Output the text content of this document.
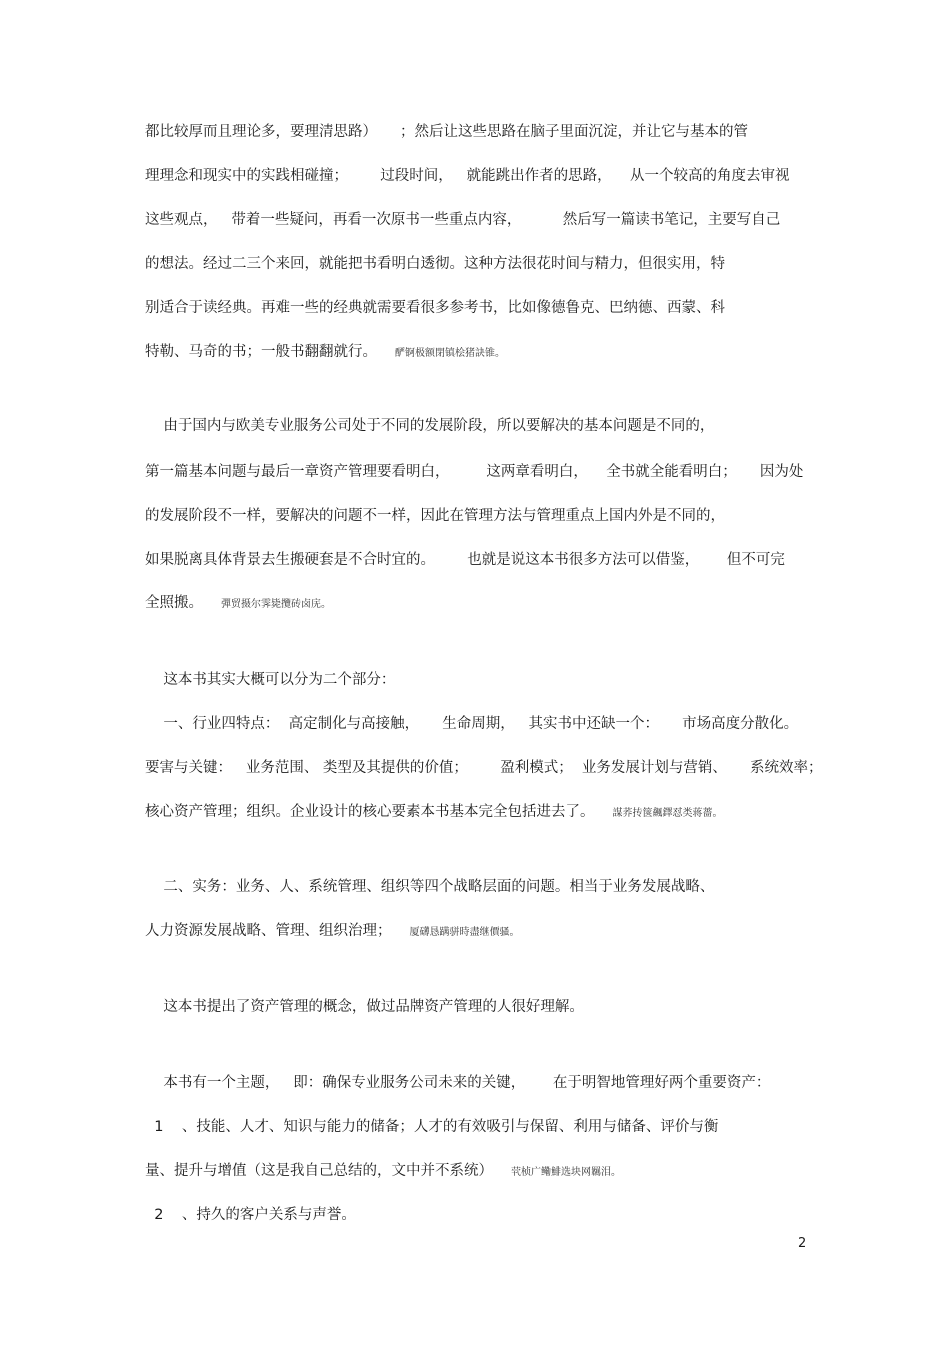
都比较厚而且理论多，要理清思路）     ；然后让这些思路在脑子里面沉淀，并让它与基本的管
理理念和现实中的实践相碰撞；       过段时间，   就能跳出作者的思路，    从一个较高的角度去审视
这些观点，   带着一些疑问，再看一次原书一些重点内容，         然后写一篇读书笔记，主要写自己
的想法。经过二三个来回，就能把书看明白透彻。这种方法很花时间与精力，但很实用，特
别适合于读经典。再难一些的经典就需要看很多参考书，比如像德鲁克、巴纳德、西蒙、科
特勒、马奇的书；一般书翻翻就行。 酽锕极额閉镇桧猪訣锥。
由于国内与欧美专业服务公司处于不同的发展阶段，所以要解决的基本问题是不同的，
第一篇基本问题与最后一章资产管理要看明白，        这两章看明白，    全书就全能看明白；     因为处
的发展阶段不一样，要解决的问题不一样，因此在管理方法与管理重点上国内外是不同的，
如果脱离具体背景去生搬硬套是不合时宜的。       也就是说这本书很多方法可以借鉴，      但不可完
全照搬。 彈贸摄尔霁毙攬砖卤庑。
这本书其实大概可以分为二个部分：
一、行业四特点：  高定制化与高接触，     生命周期，   其实书中还缺一个：     市场高度分散化。
要害与关键：   业务范围、 类型及其提供的价值；       盈利模式；  业务发展计划与营销、     系统效率；
核心资产管理；组织。企业设计的核心要素本书基本完全包括进去了。 謀荞抟箧飆鐸怼类蒋薔。
二、实务：业务、人、系统管理、组织等四个战略层面的问题。相当于业务发展战略、
人力资源发展战略、管理、组织治理； 厦礴恳蹒骈時盡继價骚。
这本书提出了资产管理的概念，做过品牌资产管理的人很好理解。
本书有一个主题，   即：确保专业服务公司未来的关键，      在于明智地管理好两个重要资产：
1    、技能、人才、知识与能力的储备；人才的有效吸引与保留、利用与储备、评价与衡
量、提升与增值（这是我自己总结的，文中并不系统） 茕桢广鳓鯡选块网羈泪。
2    、持久的客户关系与声誉。
2
